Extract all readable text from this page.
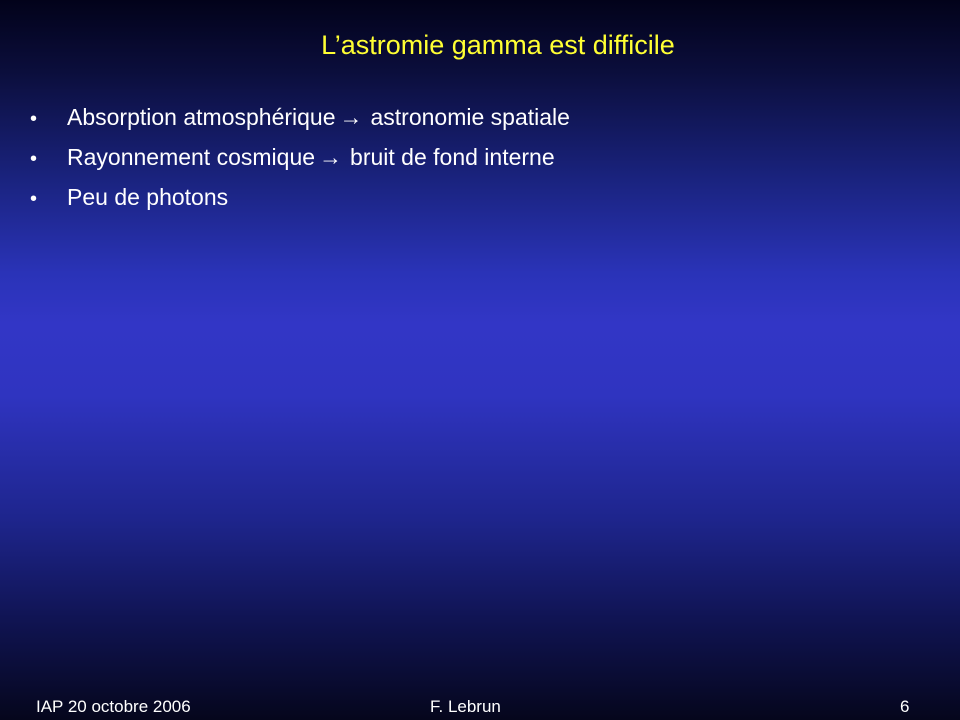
L’astromie gamma est difficile
•	Absorption atmosphérique → astronomie spatiale
•	Rayonnement cosmique → bruit de fond interne
•	Peu de photons
IAP 20 octobre 2006	F. Lebrun	6
